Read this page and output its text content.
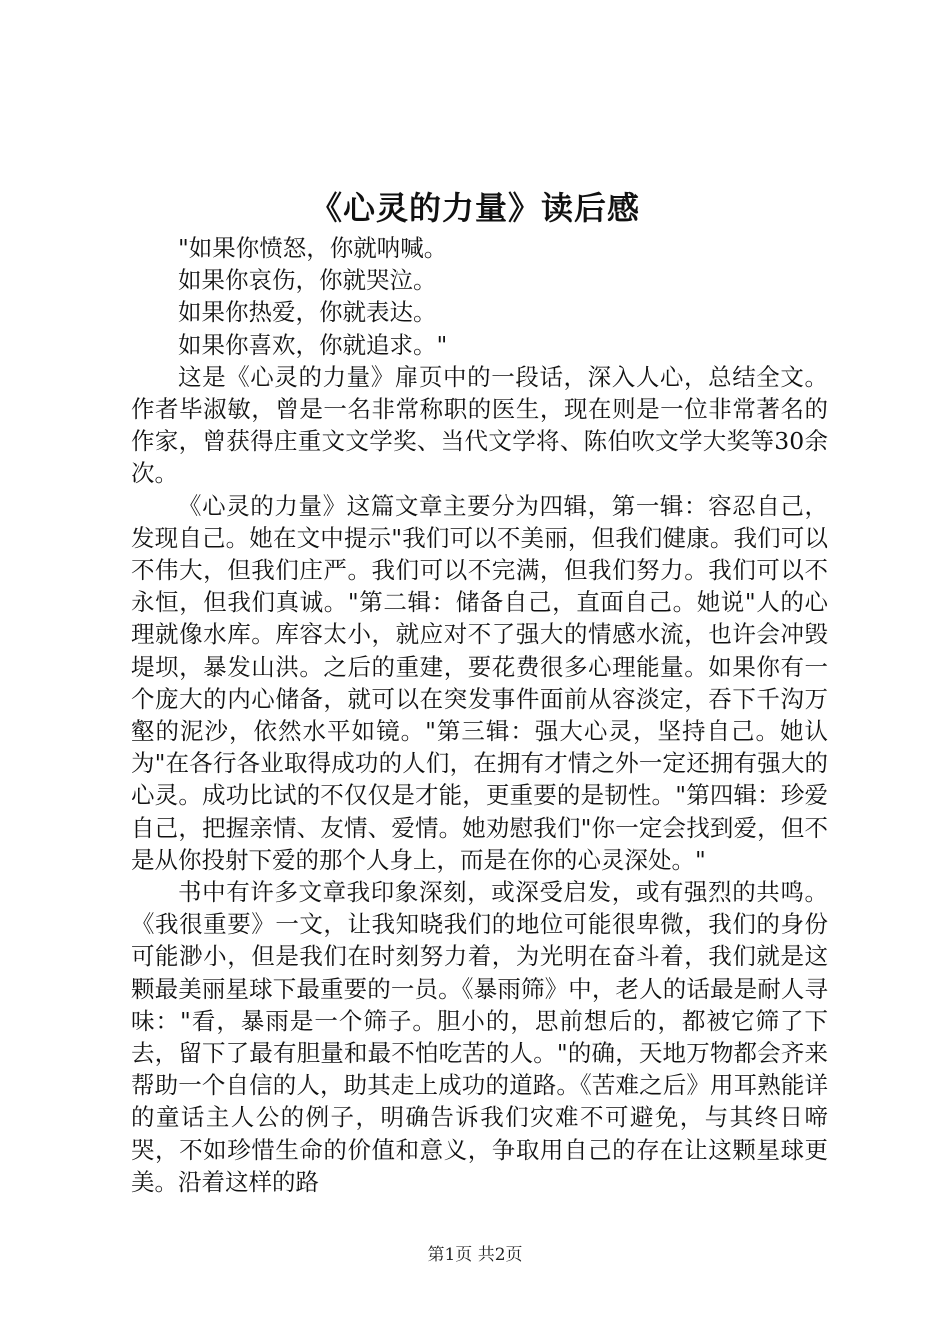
《心灵的力量》读后感

"如果你愤怒，你就呐喊。

如果你哀伤，你就哭泣。

如果你热爱，你就表达。

如果你喜欢，你就追求。"

这是《心灵的力量》扉页中的一段话，深入人心，总结全文。作者毕淑敏，曾是一名非常称职的医生，现在则是一位非常著名的作家，曾获得庄重文文学奖、当代文学将、陈伯吹文学大奖等30余次。

《心灵的力量》这篇文章主要分为四辑，第一辑：容忍自己，发现自己。她在文中提示"我们可以不美丽，但我们健康。我们可以不伟大，但我们庄严。我们可以不完满，但我们努力。我们可以不永恒，但我们真诚。"第二辑：储备自己，直面自己。她说"人的心理就像水库。库容太小，就应对不了强大的情感水流，也许会冲毁堤坝，暴发山洪。之后的重建，要花费很多心理能量。如果你有一个庞大的内心储备，就可以在突发事件面前从容淡定，吞下千沟万壑的泥沙，依然水平如镜。"第三辑：强大心灵，坚持自己。她认为"在各行各业取得成功的人们，在拥有才情之外一定还拥有强大的心灵。成功比试的不仅仅是才能，更重要的是韧性。"第四辑：珍爱自己，把握亲情、友情、爱情。她劝慰我们"你一定会找到爱，但不是从你投射下爱的那个人身上，而是在你的心灵深处。"

书中有许多文章我印象深刻，或深受启发，或有强烈的共鸣。《我很重要》一文，让我知晓我们的地位可能很卑微，我们的身份可能渺小，但是我们在时刻努力着，为光明在奋斗着，我们就是这颗最美丽星球下最重要的一员。《暴雨筛》中，老人的话最是耐人寻味："看，暴雨是一个筛子。胆小的，思前想后的，都被它筛了下去，留下了最有胆量和最不怕吃苦的人。"的确，天地万物都会齐来帮助一个自信的人，助其走上成功的道路。《苦难之后》用耳熟能详的童话主人公的例子，明确告诉我们灾难不可避免，与其终日啼哭，不如珍惜生命的价值和意义，争取用自己的存在让这颗星球更美。沿着这样的路

第1页 共2页
